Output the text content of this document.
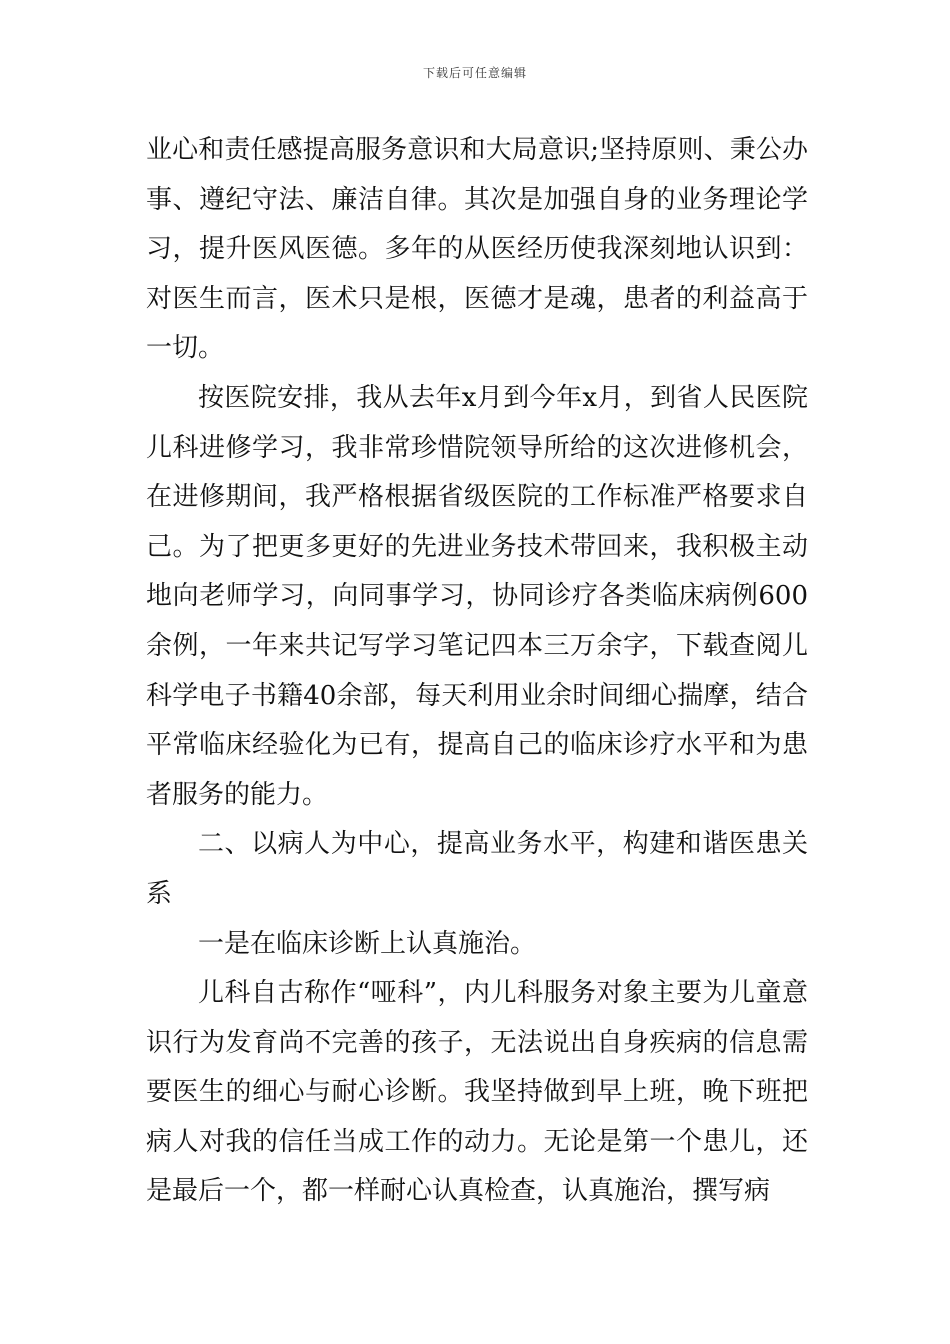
下载后可任意编辑

业心和责任感提高服务意识和大局意识;坚持原则、秉公办事、遵纪守法、廉洁自律。其次是加强自身的业务理论学习，提升医风医德。多年的从医经历使我深刻地认识到：对医生而言，医术只是根，医德才是魂，患者的利益高于一切。

按医院安排，我从去年x月到今年x月，到省人民医院儿科进修学习，我非常珍惜院领导所给的这次进修机会，在进修期间，我严格根据省级医院的工作标准严格要求自己。为了把更多更好的先进业务技术带回来，我积极主动地向老师学习，向同事学习，协同诊疗各类临床病例600余例，一年来共记写学习笔记四本三万余字，下载查阅儿科学电子书籍40余部，每天利用业余时间细心揣摩，结合平常临床经验化为已有，提高自己的临床诊疗水平和为患者服务的能力。

二、以病人为中心，提高业务水平，构建和谐医患关系

一是在临床诊断上认真施治。

儿科自古称作“哑科”，内儿科服务对象主要为儿童意识行为发育尚不完善的孩子，无法说出自身疾病的信息需要医生的细心与耐心诊断。我坚持做到早上班，晚下班把病人对我的信任当成工作的动力。无论是第一个患儿，还是最后一个，都一样耐心认真检查，认真施治，撰写病
